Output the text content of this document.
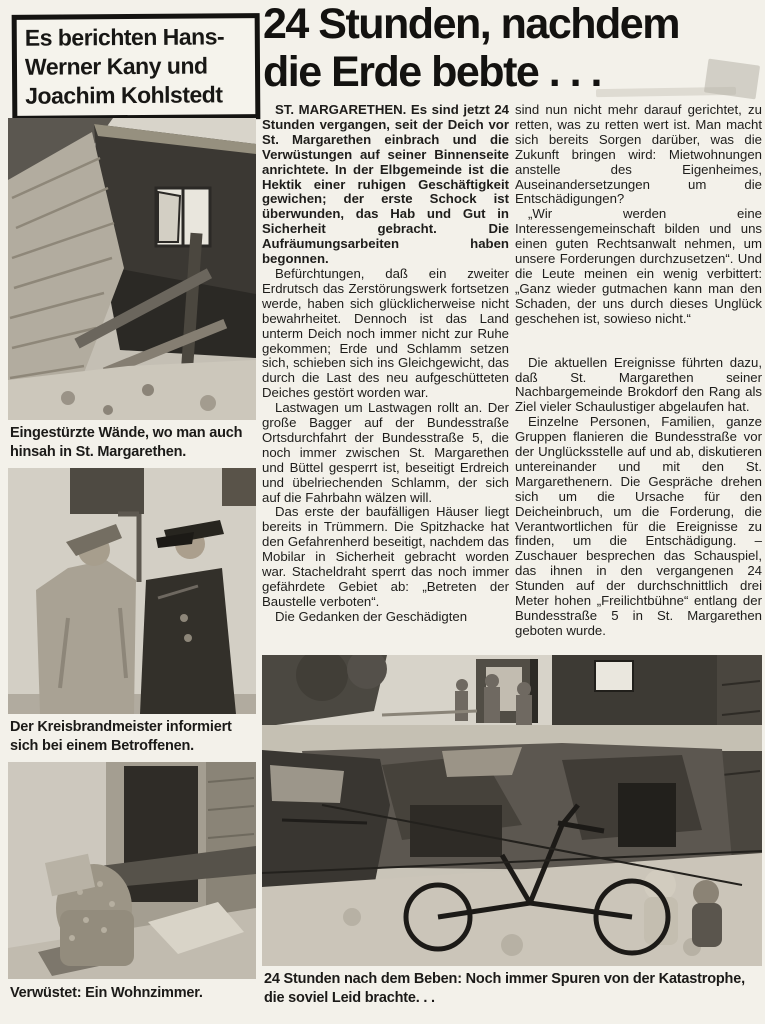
Es berichten Hans-
Werner Kany und
Joachim Kohlstedt
24 Stunden, nachdem
die Erde bebte . . .
Eingestürzte Wände, wo man auch hinsah in St. Margarethen.
Der Kreisbrandmeister informiert sich bei einem Betroffenen.
Verwüstet: Ein Wohnzimmer.

ST. MARGARETHEN. Es sind jetzt 24 Stunden vergangen, seit der Deich vor St. Margarethen einbrach und die Verwüstungen auf seiner Binnenseite anrichtete. In der Elbgemeinde ist die Hektik einer ruhigen Geschäftigkeit gewichen; der erste Schock ist überwunden, das Hab und Gut in Sicherheit gebracht. Die Aufräumungsarbeiten haben begonnen.

Befürchtungen, daß ein zweiter Erdrutsch das Zerstörungswerk fortsetzen werde, haben sich glücklicherweise nicht bewahrheitet. Dennoch ist das Land unterm Deich noch immer nicht zur Ruhe gekommen; Erde und Schlamm setzen sich, schieben sich ins Gleichgewicht, das durch die Last des neu aufgeschütteten Deiches gestört worden war.

Lastwagen um Lastwagen rollt an. Der große Bagger auf der Bundesstraße Ortsdurchfahrt der Bundesstraße 5, die noch immer zwischen St. Margarethen und Büttel gesperrt ist, beseitigt Erdreich und übelriechenden Schlamm, der sich auf die Fahrbahn wälzen will.

Das erste der baufälligen Häuser liegt bereits in Trümmern. Die Spitzhacke hat den Gefahrenherd beseitigt, nachdem das Mobilar in Sicherheit gebracht worden war. Stacheldraht sperrt das noch immer gefährdete Gebiet ab: „Betreten der Baustelle verboten“.

Die Gedanken der Geschädigten

sind nun nicht mehr darauf gerichtet, zu retten, was zu retten wert ist. Man macht sich bereits Sorgen darüber, was die Zukunft bringen wird: Mietwohnungen anstelle des Eigenheimes, Auseinandersetzungen um die Entschädigungen?

„Wir werden eine Interessengemeinschaft bilden und uns einen guten Rechtsanwalt nehmen, um unsere Forderungen durchzusetzen“. Und die Leute meinen ein wenig verbittert: „Ganz wieder gutmachen kann man den Schaden, der uns durch dieses Unglück geschehen ist, sowieso nicht.“

Die aktuellen Ereignisse führten dazu, daß St. Margarethen seiner Nachbargemeinde Brokdorf den Rang als Ziel vieler Schaulustiger abgelaufen hat.

Einzelne Personen, Familien, ganze Gruppen flanieren die Bundesstraße vor der Unglücksstelle auf und ab, diskutieren untereinander und mit den St. Margarethenern. Die Gespräche drehen sich um die Ursache für den Deicheinbruch, um die Forderung, die Verantwortlichen für die Ereignisse zu finden, um die Entschädigung. – Zuschauer besprechen das Schauspiel, das ihnen in den vergangenen 24 Stunden auf der durchschnittlich drei Meter hohen „Freilichtbühne“ entlang der Bundesstraße 5 in St. Margarethen geboten wurde.

24 Stunden nach dem Beben: Noch immer Spuren von der Katastrophe, die soviel Leid brachte. . .
